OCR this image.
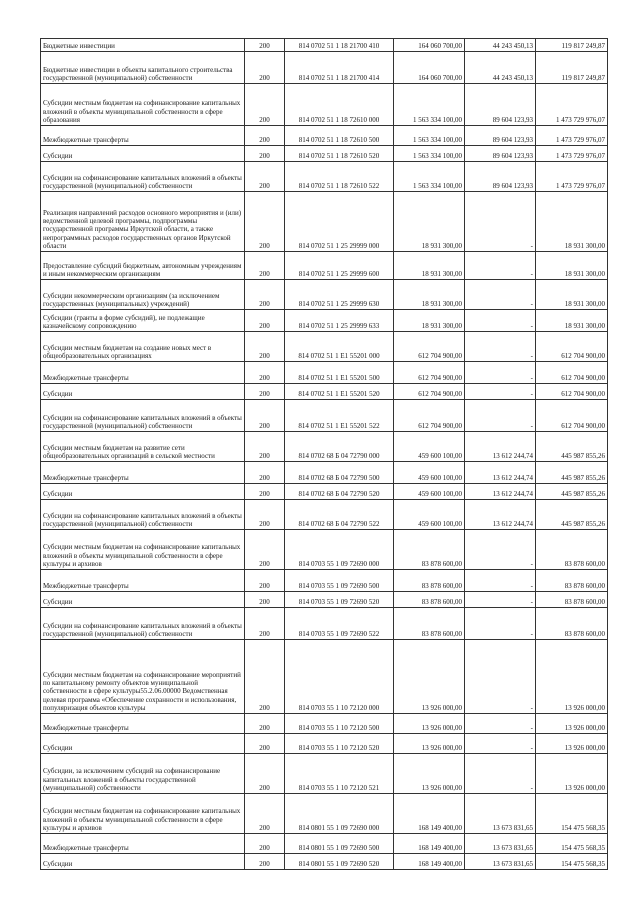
Бюджетные инвестиции	200	814 0702 51 1 18 21700 410	164 060 700,00	44 243 450,13	119 817 249,87
Бюджетные инвестиции в объекты капитального строительства государственной (муниципальной) собственности	200	814 0702 51 1 18 21700 414	164 060 700,00	44 243 450,13	119 817 249,87
Субсидии местным бюджетам на софинансирование капитальных вложений в объекты муниципальной собственности в сфере образования	200	814 0702 51 1 18 72610 000	1 563 334 100,00	89 604 123,93	1 473 729 976,07
Межбюджетные трансферты	200	814 0702 51 1 18 72610 500	1 563 334 100,00	89 604 123,93	1 473 729 976,07
Субсидии	200	814 0702 51 1 18 72610 520	1 563 334 100,00	89 604 123,93	1 473 729 976,07
Субсидии на софинансирование капитальных вложений в объекты государственной (муниципальной) собственности	200	814 0702 51 1 18 72610 522	1 563 334 100,00	89 604 123,93	1 473 729 976,07
Реализация направлений расходов основного мероприятия и (или) ведомственной целевой программы, подпрограммы государственной программы Иркутской области, а также непрограммных расходов государственных органов Иркутской области	200	814 0702 51 1 25 29999 000	18 931 300,00	-	18 931 300,00
Предоставление субсидий бюджетным, автономным учреждениям и иным некоммерческим организациям	200	814 0702 51 1 25 29999 600	18 931 300,00	-	18 931 300,00
Субсидии некоммерческим организациям (за исключением государственных (муниципальных) учреждений)	200	814 0702 51 1 25 29999 630	18 931 300,00	-	18 931 300,00
Субсидии (гранты в форме субсидий), не подлежащие казначейскому сопровождению	200	814 0702 51 1 25 29999 633	18 931 300,00	-	18 931 300,00
Субсидии местным бюджетам на создание новых мест в общеобразовательных организациях	200	814 0702 51 1 E1 55201 000	612 704 900,00	-	612 704 900,00
Межбюджетные трансферты	200	814 0702 51 1 E1 55201 500	612 704 900,00	-	612 704 900,00
Субсидии	200	814 0702 51 1 E1 55201 520	612 704 900,00	-	612 704 900,00
Субсидии на софинансирование капитальных вложений в объекты государственной (муниципальной) собственности	200	814 0702 51 1 E1 55201 522	612 704 900,00	-	612 704 900,00
Субсидии местным бюджетам на развитие сети общеобразовательных организаций в сельской местности	200	814 0702 68 Б 04 72790 000	459 600 100,00	13 612 244,74	445 987 855,26
Межбюджетные трансферты	200	814 0702 68 Б 04 72790 500	459 600 100,00	13 612 244,74	445 987 855,26
Субсидии	200	814 0702 68 Б 04 72790 520	459 600 100,00	13 612 244,74	445 987 855,26
Субсидии на софинансирование капитальных вложений в объекты государственной (муниципальной) собственности	200	814 0702 68 Б 04 72790 522	459 600 100,00	13 612 244,74	445 987 855,26
Субсидии местным бюджетам на софинансирование капитальных вложений в объекты муниципальной собственности в сфере культуры и архивов	200	814 0703 55 1 09 72690 000	83 878 600,00	-	83 878 600,00
Межбюджетные трансферты	200	814 0703 55 1 09 72690 500	83 878 600,00	-	83 878 600,00
Субсидии	200	814 0703 55 1 09 72690 520	83 878 600,00	-	83 878 600,00
Субсидии на софинансирование капитальных вложений в объекты государственной (муниципальной) собственности	200	814 0703 55 1 09 72690 522	83 878 600,00	-	83 878 600,00
Субсидии местным бюджетам на софинансирование мероприятий по капитальному ремонту объектов муниципальной собственности в сфере культуры55.2.06.00000 Ведомственная целевая программа «Обеспечение сохранности и использования, популяризация объектов культуры	200	814 0703 55 1 10 72120 000	13 926 000,00	-	13 926 000,00
Межбюджетные трансферты	200	814 0703 55 1 10 72120 500	13 926 000,00	-	13 926 000,00
Субсидии	200	814 0703 55 1 10 72120 520	13 926 000,00	-	13 926 000,00
Субсидии, за исключением субсидий на софинансирование капитальных вложений в объекты государственной (муниципальной) собственности	200	814 0703 55 1 10 72120 521	13 926 000,00	-	13 926 000,00
Субсидии местным бюджетам на софинансирование капитальных вложений в объекты муниципальной собственности в сфере культуры и архивов	200	814 0801 55 1 09 72690 000	168 149 400,00	13 673 831,65	154 475 568,35
Межбюджетные трансферты	200	814 0801 55 1 09 72690 500	168 149 400,00	13 673 831,65	154 475 568,35
Субсидии	200	814 0801 55 1 09 72690 520	168 149 400,00	13 673 831,65	154 475 568,35
